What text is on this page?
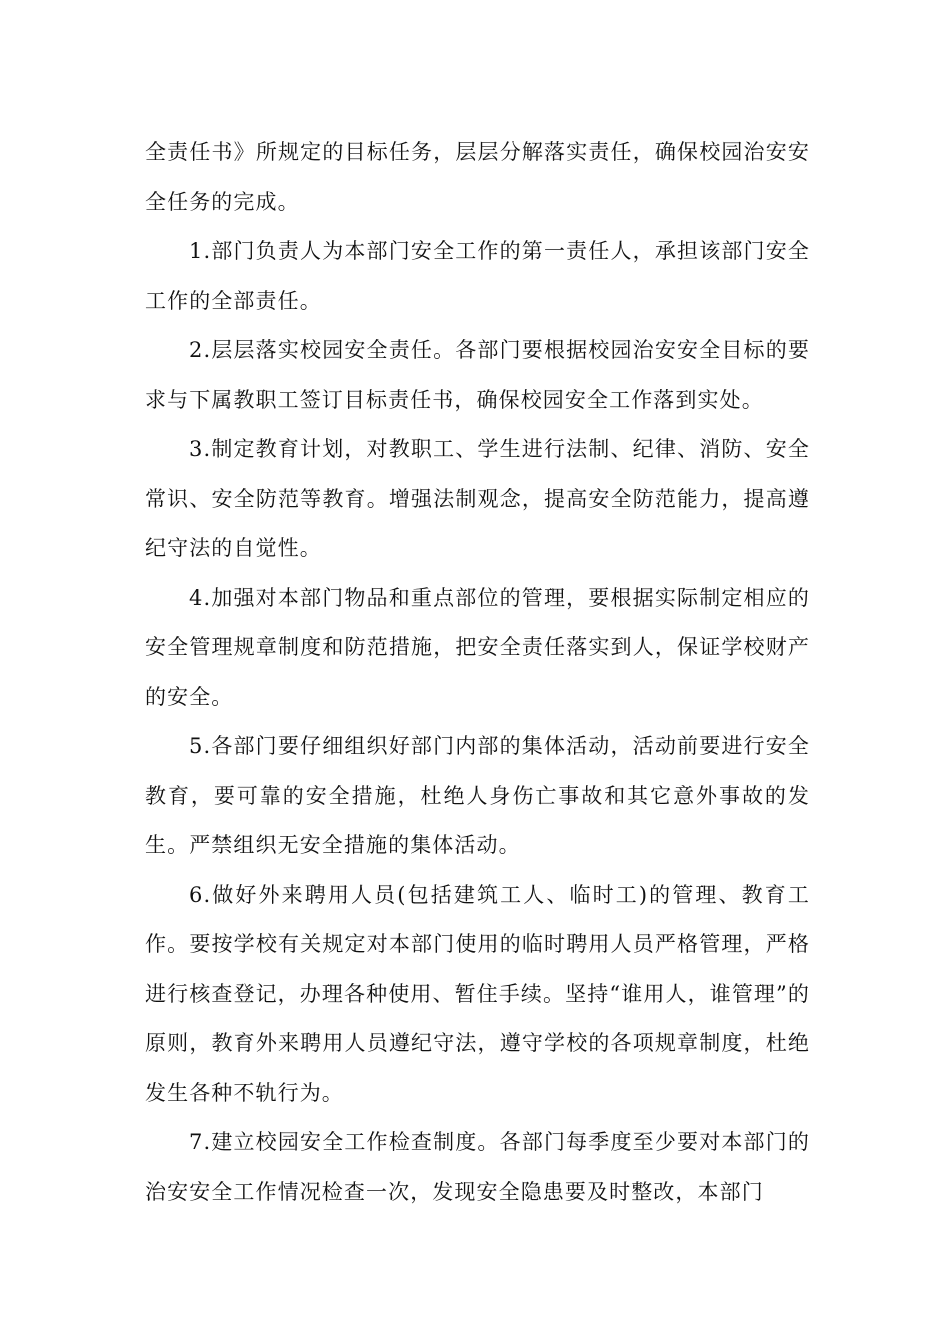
全责任书》所规定的目标任务，层层分解落实责任，确保校园治安安全任务的完成。

1.部门负责人为本部门安全工作的第一责任人，承担该部门安全工作的全部责任。

2.层层落实校园安全责任。各部门要根据校园治安安全目标的要求与下属教职工签订目标责任书，确保校园安全工作落到实处。

3.制定教育计划，对教职工、学生进行法制、纪律、消防、安全常识、安全防范等教育。增强法制观念，提高安全防范能力，提高遵纪守法的自觉性。

4.加强对本部门物品和重点部位的管理，要根据实际制定相应的安全管理规章制度和防范措施，把安全责任落实到人，保证学校财产的安全。

5.各部门要仔细组织好部门内部的集体活动，活动前要进行安全教育，要可靠的安全措施，杜绝人身伤亡事故和其它意外事故的发生。严禁组织无安全措施的集体活动。

6.做好外来聘用人员(包括建筑工人、临时工)的管理、教育工作。要按学校有关规定对本部门使用的临时聘用人员严格管理，严格进行核查登记，办理各种使用、暂住手续。坚持“谁用人，谁管理”的原则，教育外来聘用人员遵纪守法，遵守学校的各项规章制度，杜绝发生各种不轨行为。

7.建立校园安全工作检查制度。各部门每季度至少要对本部门的治安安全工作情况检查一次，发现安全隐患要及时整改，本部门
